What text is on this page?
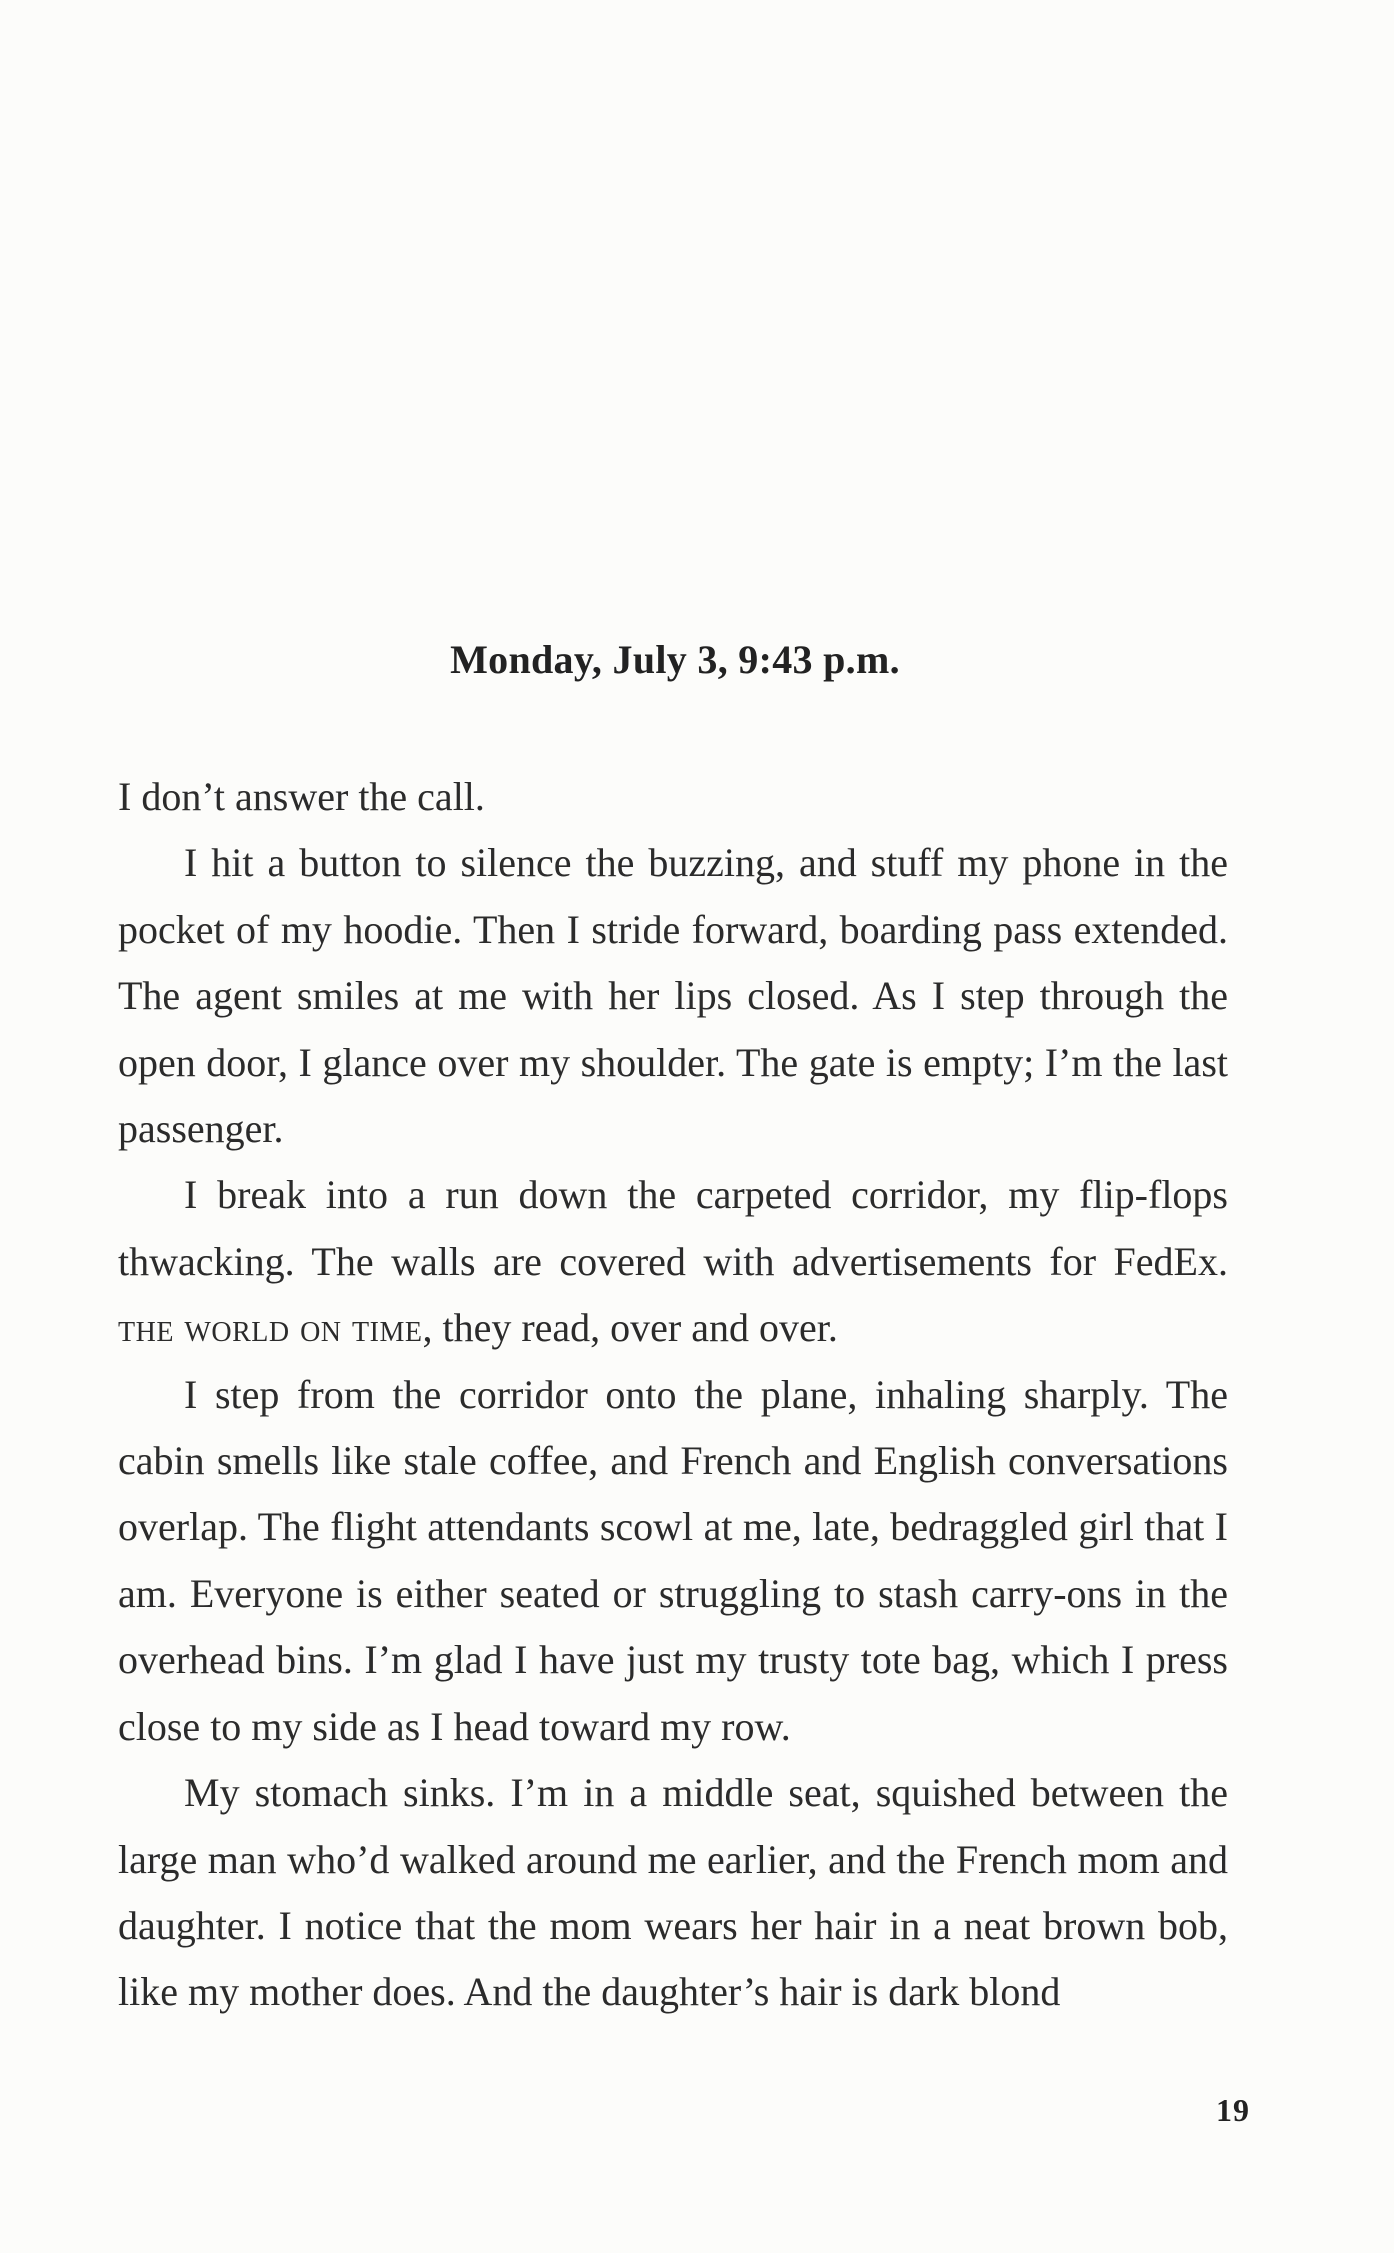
Monday, July 3, 9:43 p.m.

I don’t answer the call.

I hit a button to silence the buzzing, and stuff my phone in the pocket of my hoodie. Then I stride forward, boarding pass extended. The agent smiles at me with her lips closed. As I step through the open door, I glance over my shoulder. The gate is empty; I’m the last passenger.

I break into a run down the carpeted corridor, my flip-flops thwacking. The walls are covered with advertisements for FedEx. the world on time, they read, over and over.

I step from the corridor onto the plane, inhaling sharply. The cabin smells like stale coffee, and French and English conversations overlap. The flight attendants scowl at me, late, bedraggled girl that I am. Everyone is either seated or struggling to stash carry-ons in the overhead bins. I’m glad I have just my trusty tote bag, which I press close to my side as I head toward my row.

My stomach sinks. I’m in a middle seat, squished between the large man who’d walked around me earlier, and the French mom and daughter. I notice that the mom wears her hair in a neat brown bob, like my mother does. And the daughter’s hair is dark blond

19
